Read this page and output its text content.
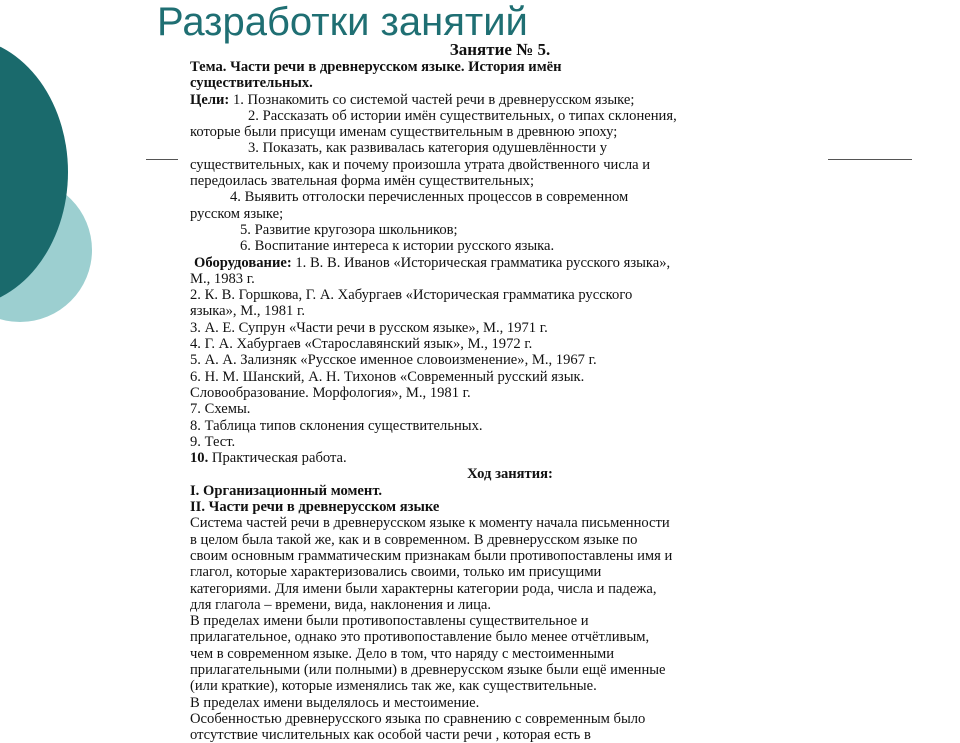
Разработки занятий
Занятие № 5.
Тема. Части речи в древнерусском языке. История имён
существительных.
Цели: 1. Познакомить со системой частей речи в древнерусском языке;
2. Рассказать об истории имён существительных, о типах склонения,
которые были присущи именам существительным в древнюю эпоху;
3. Показать, как развивалась категория одушевлённости у
существительных, как и почему произошла утрата двойственного числа и
передоилась звательная форма имён существительных;
4. Выявить отголоски перечисленных процессов в современном
русском языке;
5. Развитие кругозора школьников;
6. Воспитание интереса к истории русского языка.
Оборудование: 1. В. В. Иванов «Историческая грамматика русского языка»,
М., 1983 г.
2. К. В. Горшкова, Г. А. Хабургаев «Историческая грамматика русского
языка», М., 1981 г.
3. А. Е. Супрун «Части речи в русском языке», М., 1971 г.
4. Г. А. Хабургаев «Старославянский язык», М., 1972 г.
5. А. А. Зализняк «Русское именное словоизменение», М., 1967 г.
6. Н. М. Шанский, А. Н. Тихонов «Современный русский язык.
Словообразование. Морфология», М., 1981 г.
7. Схемы.
8. Таблица типов склонения существительных.
9. Тест.
10. Практическая работа.
Ход занятия:
I. Организационный момент.
II. Части речи в древнерусском языке
Система частей речи в древнерусском языке к моменту начала письменности
в целом была такой же, как и в современном. В древнерусском языке по
своим основным грамматическим признакам были противопоставлены имя и
глагол, которые характеризовались своими, только им присущими
категориями. Для имени были характерны категории рода, числа и падежа,
для глагола – времени, вида, наклонения и лица.
В пределах имени были противопоставлены существительное и
прилагательное, однако это противопоставление было менее отчётливым,
чем в современном языке. Дело в том, что наряду с местоименными
прилагательными (или полными) в древнерусском языке были ещё именные
(или краткие), которые изменялись так же, как существительные.
В пределах имени выделялось и местоимение.
Особенностью древнерусского языка по сравнению с современным было
отсутствие числительных как особой части речи , которая есть в
